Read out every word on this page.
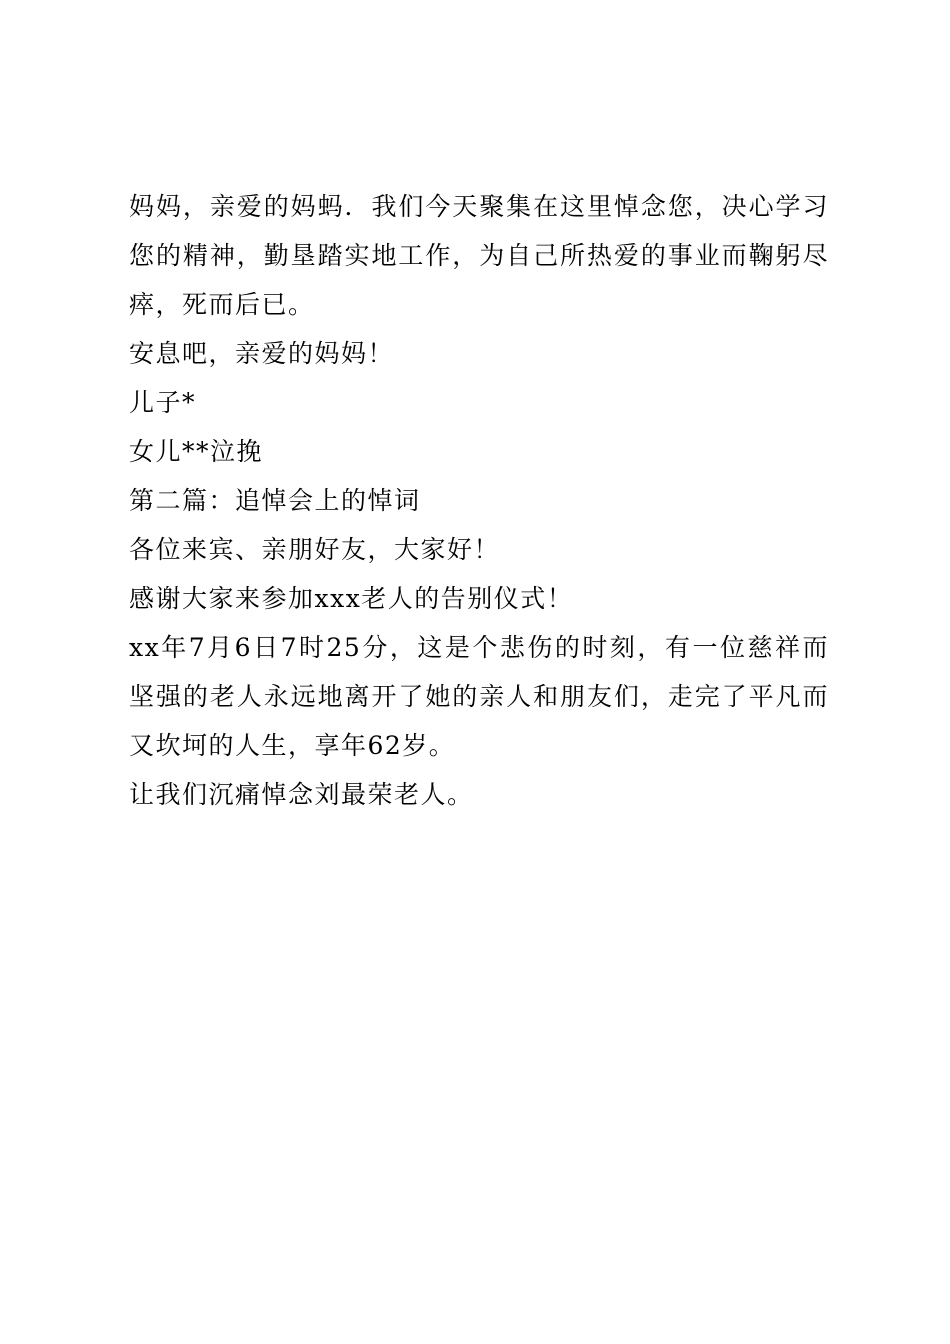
妈妈，亲爱的妈蚂．我们今天聚集在这里悼念您，决心学习您的精神，勤垦踏实地工作，为自己所热爱的事业而鞠躬尽瘁，死而后已。

安息吧，亲爱的妈妈！

儿子*

女儿**泣挽

第二篇：追悼会上的悼词

各位来宾、亲朋好友，大家好！

感谢大家来参加xxx老人的告别仪式！

xx年7月6日7时25分，这是个悲伤的时刻，有一位慈祥而坚强的老人永远地离开了她的亲人和朋友们，走完了平凡而又坎坷的人生，享年62岁。

让我们沉痛悼念刘最荣老人。
